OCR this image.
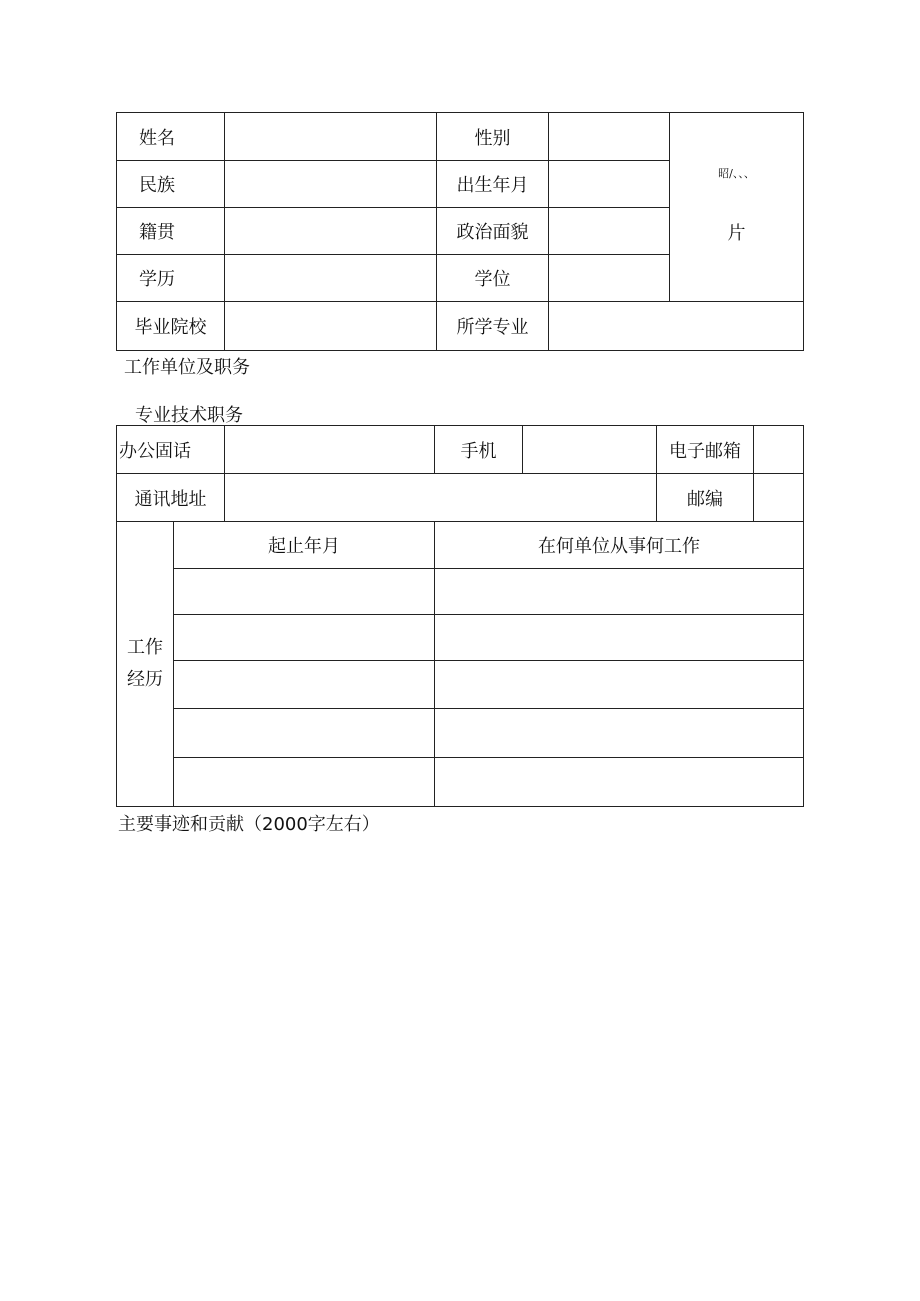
姓名		性别		昭/、、、
片

民族		出生年月		
籍贯		政治面貌		
学历		学位		
毕业院校		所学专业		
工作单位及职务
专业技术职务
办公固话			手机		电子邮箱	
通讯地址					邮编	
工作
经历	起止年月		在何单位从事何工作			

主要事迹和贡献（2000字左右）
